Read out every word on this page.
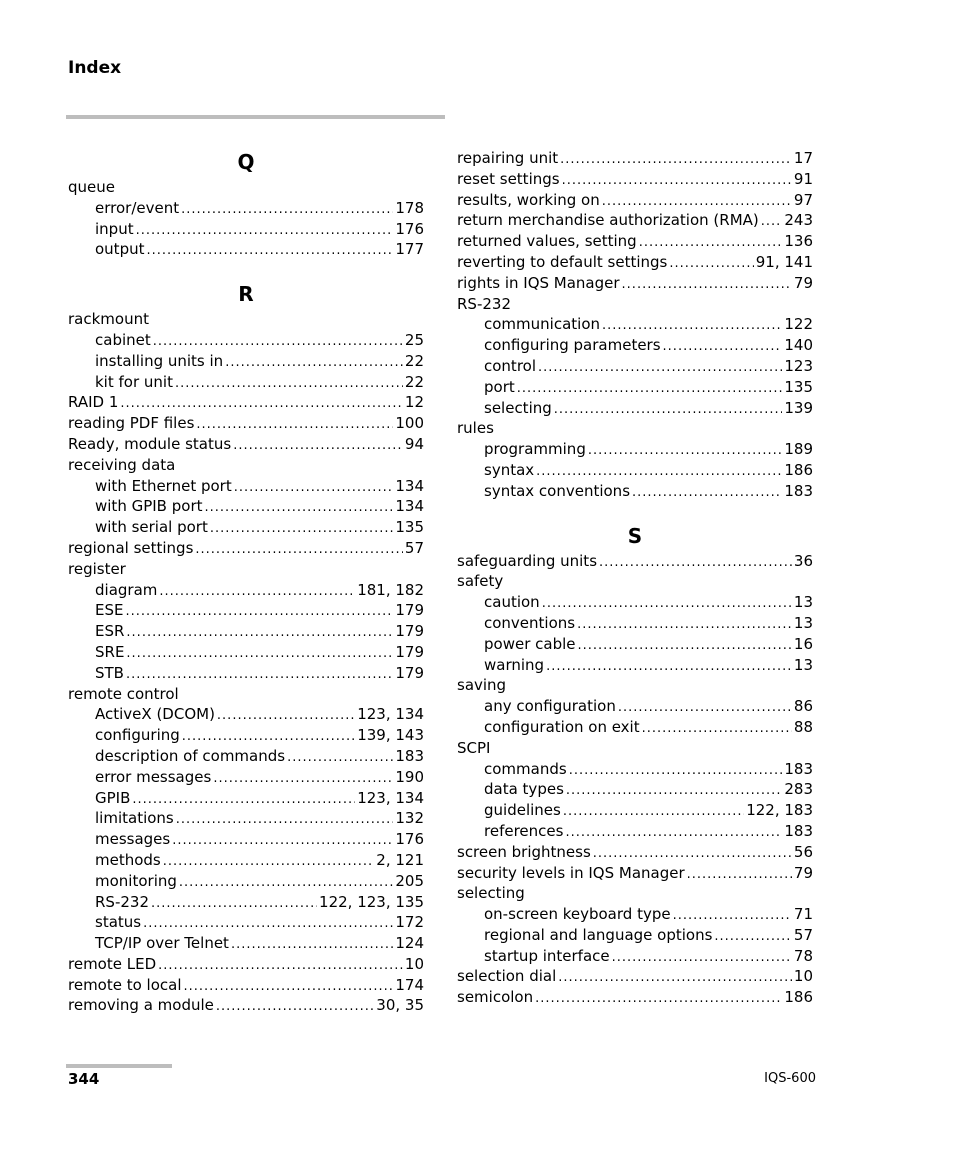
Index
Q
queue
error/event .....	178
input .....	176
output .....	177
R
rackmount
cabinet .....	25
installing units in .....	22
kit for unit .....	22
RAID 1 .....	12
reading PDF files .....	100
Ready, module status .....	94
receiving data
with Ethernet port .....	134
with GPIB port .....	134
with serial port .....	135
regional settings .....	57
register
diagram .....	181, 182
ESE .....	179
ESR .....	179
SRE .....	179
STB .....	179
remote control
ActiveX (DCOM) .....	123, 134
configuring .....	139, 143
description of commands .....	183
error messages .....	190
GPIB .....	123, 134
limitations .....	132
messages .....	176
methods .....	2, 121
monitoring .....	205
RS-232 .....	122, 123, 135
status .....	172
TCP/IP over Telnet .....	124
remote LED .....	10
remote to local .....	174
removing a module .....	30, 35
repairing unit .....	17
reset settings .....	91
results, working on .....	97
return merchandise authorization (RMA) ..... 243
returned values, setting .....	136
reverting to default settings .....	91, 141
rights in IQS Manager .....	79
RS-232
communication .....	122
configuring parameters .....	140
control .....	123
port .....	135
selecting .....	139
rules
programming .....	189
syntax .....	186
syntax conventions .....	183
S
safeguarding units .....	36
safety
caution .....	13
conventions .....	13
power cable .....	16
warning .....	13
saving
any configuration .....	86
configuration on exit .....	88
SCPI
commands .....	183
data types .....	283
guidelines .....	122, 183
references .....	183
screen brightness .....	56
security levels in IQS Manager .....	79
selecting
on-screen keyboard type .....	71
regional and language options .....	57
startup interface .....	78
selection dial .....	10
semicolon .....	186
344	IQS-600
